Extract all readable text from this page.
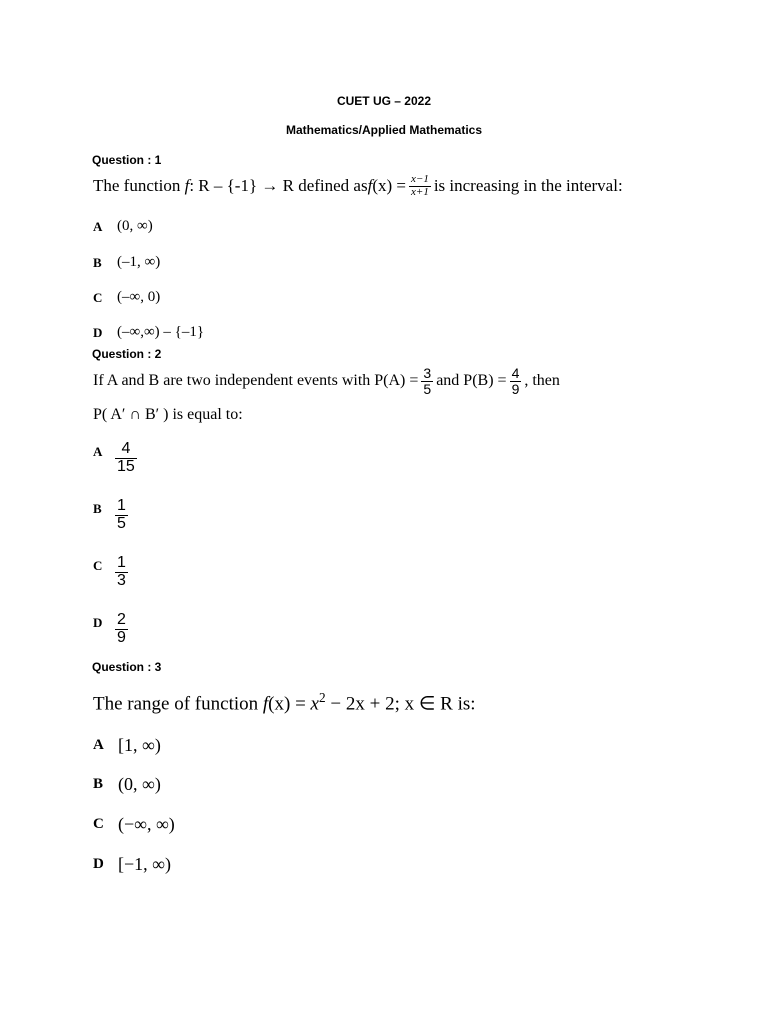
CUET UG – 2022
Mathematics/Applied Mathematics
Question : 1
The function
f : R – {-1} → R defined as f $(x) = \frac{x-1}{x+1}$ is increasing in the interval:
A (0, ∞)
B	(–1, ∞)
C (–∞, 0)
D (–∞,∞) – {–1}
Question : 2
If A and B are two independent events with $P(A) = \frac{3}{5}$ and $P(B) = \frac{4}{9}$ , then
P( A′ ∩ B′ ) is equal to:
A $\frac{4}{15}$
B $\frac{1}{5}$
C $\frac{1}{3}$
D $\frac{2}{9}$
Question : 3
The range of function $f(x) = x^2 - 2x + 2$; x ∈ R is:
A [1, ∞)
B (0, ∞)
C (−∞, ∞)
D [−1, ∞)
